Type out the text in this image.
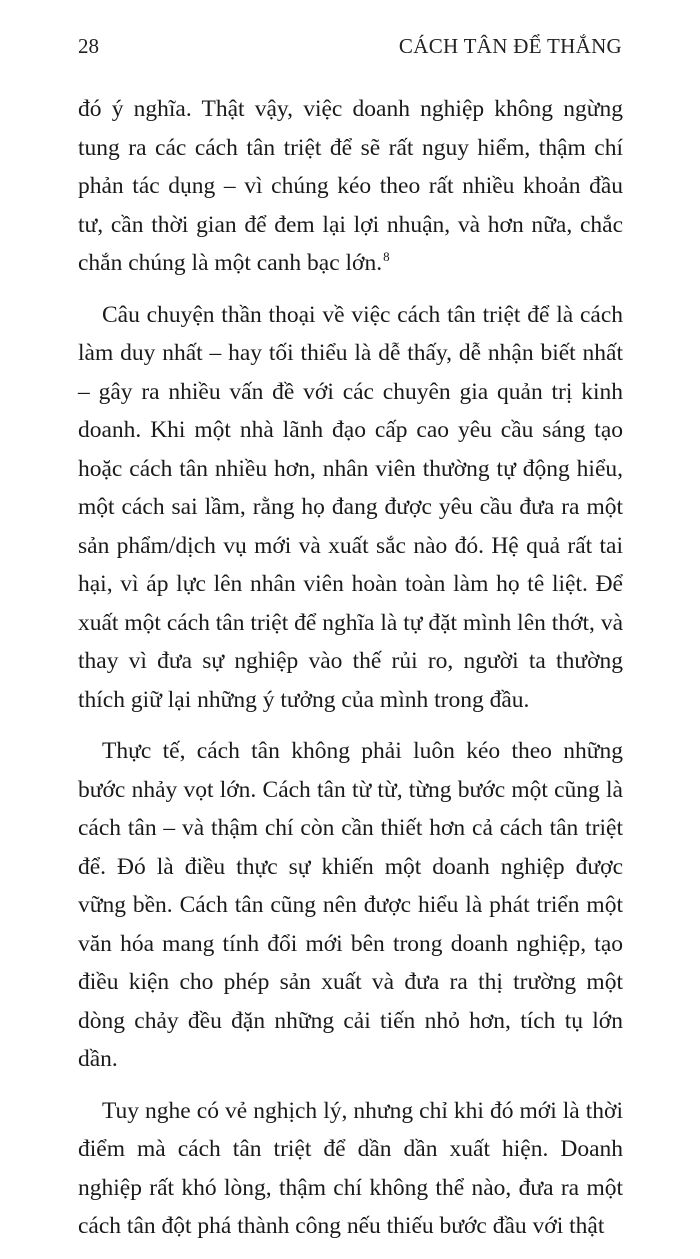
28	CÁCH TÂN ĐỂ THẮNG

đó ý nghĩa. Thật vậy, việc doanh nghiệp không ngừng tung ra các cách tân triệt để sẽ rất nguy hiểm, thậm chí phản tác dụng – vì chúng kéo theo rất nhiều khoản đầu tư, cần thời gian để đem lại lợi nhuận, và hơn nữa, chắc chắn chúng là một canh bạc lớn.$^8$

Câu chuyện thần thoại về việc cách tân triệt để là cách làm duy nhất – hay tối thiểu là dễ thấy, dễ nhận biết nhất – gây ra nhiều vấn đề với các chuyên gia quản trị kinh doanh. Khi một nhà lãnh đạo cấp cao yêu cầu sáng tạo hoặc cách tân nhiều hơn, nhân viên thường tự động hiểu, một cách sai lầm, rằng họ đang được yêu cầu đưa ra một sản phẩm/dịch vụ mới và xuất sắc nào đó. Hệ quả rất tai hại, vì áp lực lên nhân viên hoàn toàn làm họ tê liệt. Để xuất một cách tân triệt để nghĩa là tự đặt mình lên thớt, và thay vì đưa sự nghiệp vào thế rủi ro, người ta thường thích giữ lại những ý tưởng của mình trong đầu.

Thực tế, cách tân không phải luôn kéo theo những bước nhảy vọt lớn. Cách tân từ từ, từng bước một cũng là cách tân – và thậm chí còn cần thiết hơn cả cách tân triệt để. Đó là điều thực sự khiến một doanh nghiệp được vững bền. Cách tân cũng nên được hiểu là phát triển một văn hóa mang tính đổi mới bên trong doanh nghiệp, tạo điều kiện cho phép sản xuất và đưa ra thị trường một dòng chảy đều đặn những cải tiến nhỏ hơn, tích tụ lớn dần.

Tuy nghe có vẻ nghịch lý, nhưng chỉ khi đó mới là thời điểm mà cách tân triệt để dần dần xuất hiện. Doanh nghiệp rất khó lòng, thậm chí không thể nào, đưa ra một cách tân đột phá thành công nếu thiếu bước đầu với thật
